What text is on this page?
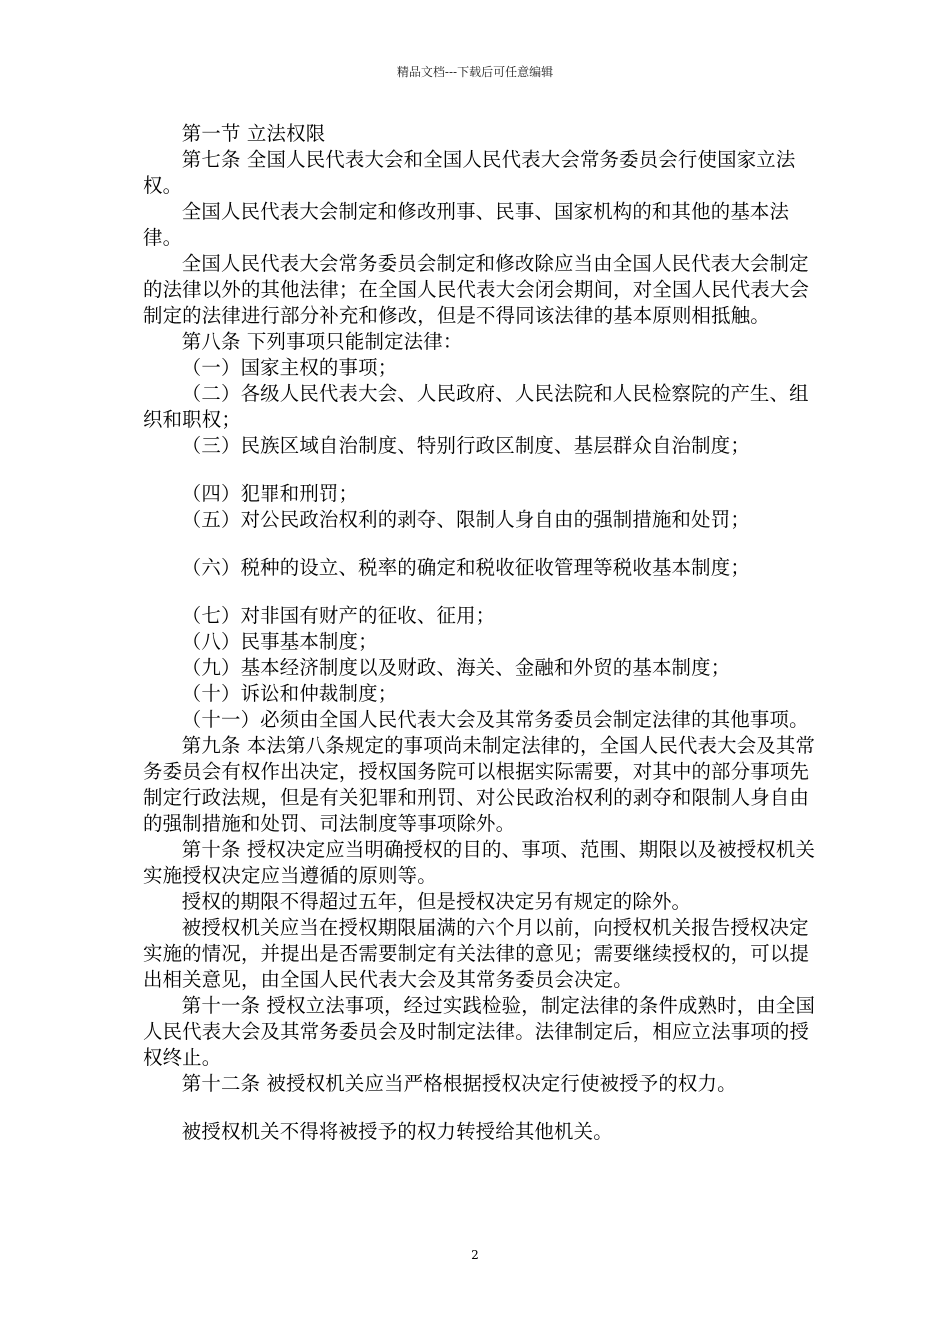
精品文档---下载后可任意编辑

第一节 立法权限

第七条 全国人民代表大会和全国人民代表大会常务委员会行使国家立法权。

全国人民代表大会制定和修改刑事、民事、国家机构的和其他的基本法律。

全国人民代表大会常务委员会制定和修改除应当由全国人民代表大会制定的法律以外的其他法律；在全国人民代表大会闭会期间，对全国人民代表大会制定的法律进行部分补充和修改，但是不得同该法律的基本原则相抵触。

第八条 下列事项只能制定法律：

（一）国家主权的事项；

（二）各级人民代表大会、人民政府、人民法院和人民检察院的产生、组织和职权；

（三）民族区域自治制度、特别行政区制度、基层群众自治制度；

（四）犯罪和刑罚；

（五）对公民政治权利的剥夺、限制人身自由的强制措施和处罚；

（六）税种的设立、税率的确定和税收征收管理等税收基本制度；

（七）对非国有财产的征收、征用；

（八）民事基本制度；

（九）基本经济制度以及财政、海关、金融和外贸的基本制度；

（十）诉讼和仲裁制度；

（十一）必须由全国人民代表大会及其常务委员会制定法律的其他事项。

第九条 本法第八条规定的事项尚未制定法律的，全国人民代表大会及其常务委员会有权作出决定，授权国务院可以根据实际需要，对其中的部分事项先制定行政法规，但是有关犯罪和刑罚、对公民政治权利的剥夺和限制人身自由的强制措施和处罚、司法制度等事项除外。

第十条 授权决定应当明确授权的目的、事项、范围、期限以及被授权机关实施授权决定应当遵循的原则等。

授权的期限不得超过五年，但是授权决定另有规定的除外。

被授权机关应当在授权期限届满的六个月以前，向授权机关报告授权决定实施的情况，并提出是否需要制定有关法律的意见；需要继续授权的，可以提出相关意见，由全国人民代表大会及其常务委员会决定。

第十一条 授权立法事项，经过实践检验，制定法律的条件成熟时，由全国人民代表大会及其常务委员会及时制定法律。法律制定后，相应立法事项的授权终止。

第十二条 被授权机关应当严格根据授权决定行使被授予的权力。

被授权机关不得将被授予的权力转授给其他机关。

2
